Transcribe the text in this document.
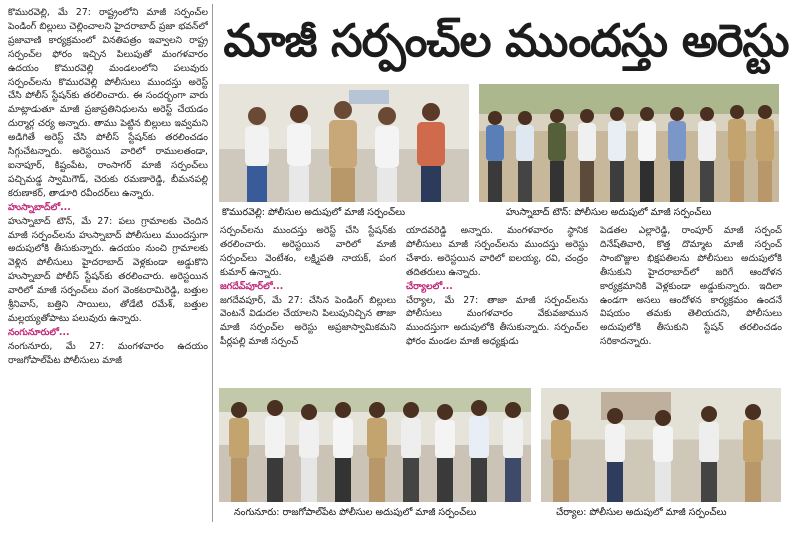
కొమురవెల్లి, మే 27: రాష్ట్రంలోని మాజీ సర్పంచ్‌ల పెండింగ్ బిల్లులు చెల్లించాలని హైదరాబాద్ ప్రజా భవన్‌లో ప్రజావాణి కార్యక్రమంలో వినతిపత్రం ఇవ్వాలని రాష్ట్ర సర్పంచ్‌ల ఫోరం ఇచ్చిన పిలుపుతో మంగళవారం ఉదయం కొమురవెల్లి మండలంలోని పలువురు సర్పంచ్‌లను కొమురవెల్లి పోలీసులు ముందస్తు అరెస్ట్ చేసి పోలీస్ స్టేషన్‌కు తరలించారు. ఈ సందర్భంగా వారు మాట్లాడుతూ మాజీ ప్రజాప్రతినిధులను అరెస్ట్ చేయడం దుర్మార్గ చర్య అన్నారు. తాము పెట్టిన బిల్లులు ఇవ్వమని అడిగితే అరెస్ట్ చేసి పోలీస్ స్టేషన్‌కు తరలించడం సిగ్గుచేటన్నారు. అరెస్టయిన వారిలో రాములతండా, ఐనాపూర్, కిష్టంపేట, రాంసాగర్ మాజీ సర్పంచ్‌లు పచ్చిమడ్డ స్వామిగౌడ్, చెరుకు రమణారెడ్డి, బీమనపల్లి కరుణాకర్, తాడూరి రవీందర్‌లు ఉన్నారు.

హుస్నాబాద్‌లో...

హుస్నాబాద్ టౌన్, మే 27: పలు గ్రామాలకు చెందిన మాజీ సర్పంచ్‌లను హుస్నాబాద్ పోలీసులు ముందస్తుగా అదుపులోకి తీసుకున్నారు. ఉదయం నుంచి గ్రామాలకు వెళ్లిన పోలీసులు హైదరాబాద్ వెళ్లకుండా అడ్డుకొని హుస్నాబాద్ పోలీస్ స్టేషన్‌కు తరలించారు. అరెస్టయిన వారిలో మాజీ సర్పంచ్‌లు వంగ వెంకటరామిరెడ్డి, బత్తుల శ్రీనివాస్, బత్తిని సాయిలు, తోడేటి రమేశ్, బత్తుల మల్లయ్యతోపాటు పలువురు ఉన్నారు.

నంగునూరులో...

నంగునూరు, మే 27: మంగళవారం ఉదయం రాజగోపాల్‌పేట పోలీసులు మాజీ

మాజీ సర్పంచ్‌ల ముందస్తు అరెస్టు
కొమురవెల్లి: పోలీసుల అదుపులో మాజీ సర్పంచ్‌లు	హుస్నాబాద్ టౌన్: పోలీసుల అదుపులో మాజీ సర్పంచ్‌లు

సర్పంచ్‌లను ముందస్తు అరెస్ట్ చేసి స్టేషన్‌కు తరలించారు. అరెస్టయిన వారిలో మాజీ సర్పంచ్‌లు వెంటేశం, లక్ష్మిపతి నాయక్, పంగ కుమార్ ఉన్నారు.

జగదేవ్‌పూర్‌లో...

జగదేవపూర్, మే 27: చేసిన పెండింగ్ బిల్లులు వెంటనే విడుదల చేయాలని పిలుపునిచ్చిన తాజా మాజీ సర్పంచ్‌ల అరెస్టు అప్రజాస్వామికమని పీర్లపల్లి మాజీ సర్పంచ్

యాదవరెడ్డి అన్నారు. మంగళవారం స్థానిక పోలీసులు మాజీ సర్పంచ్‌లను ముందస్తు అరెస్టు చేశారు. అరెస్టయిన వారిలో ఐలయ్య, రవి, చంద్రం తదితరులు ఉన్నారు.

చేర్యాలలో...

చేర్యాల, మే 27: తాజా మాజీ సర్పంచ్‌లను పోలీసులు మంగళవారం వేకువజామున ముందస్తుగా అదుపులోకి తీసుకున్నారు. సర్పంచ్‌ల ఫోరం మండల మాజీ అధ్యక్షుడు

పెడతల ఎల్లారెడ్డి, రాంపూర్ మాజీ సర్పంచ్ దినేష్‌తివారి, కొత్త దొమ్మాట మాజీ సర్పంచ్ సాంబొజ్జుల భిక్షపతిలను పోలీసులు అదుపులోకి తీసుకుని హైదరాబాద్‌లో జరిగే ఆందోళన కార్యక్రమానికి వెళ్లకుండా అడ్డుకున్నారు. ఇదిలా ఉండగా అసలు ఆందోళన కార్యక్రమం ఉందనే విషయం తమకు తెలియదని, పోలీసులు అదుపులోకి తీసుకుని స్టేషన్ తరలించడం సరికాదన్నారు.

నంగునూరు: రాజగోపాల్‌పేట పోలీసుల అదుపులో మాజీ సర్పంచ్‌లు	చేర్యాల: పోలీసుల అదుపులో మాజీ సర్పంచ్‌లు
